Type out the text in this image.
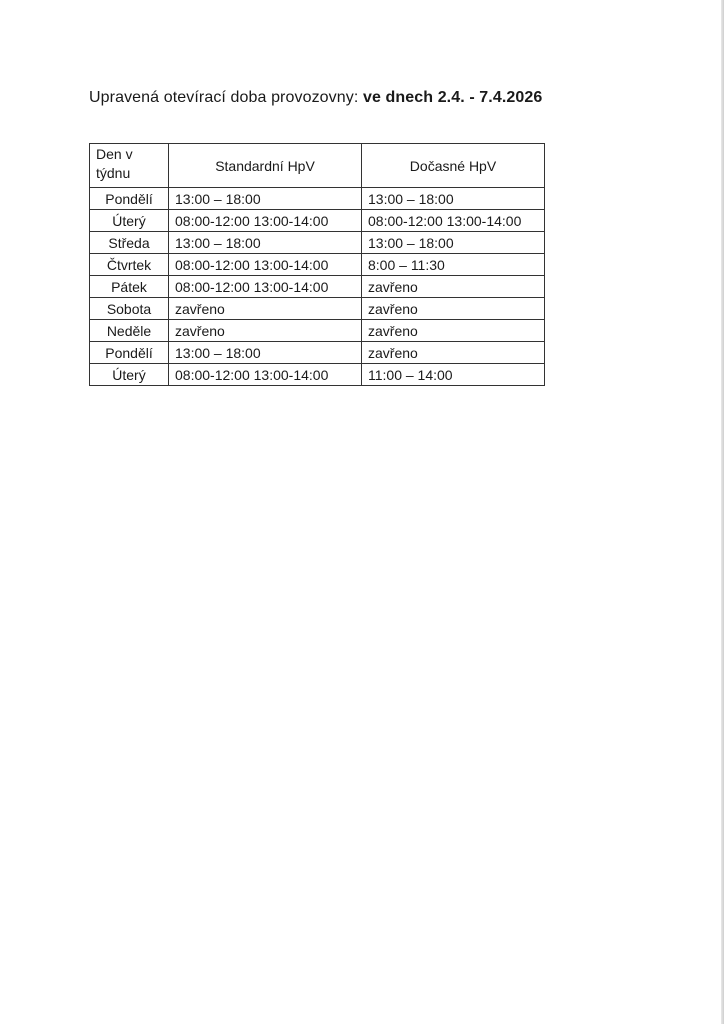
Upravená otevírací doba provozovny: ve dnech 2.4. - 7.4.2026
Den v týdnu	Standardní HpV	Dočasné HpV
Pondělí	13:00 – 18:00	13:00 – 18:00
Úterý	08:00-12:00 13:00-14:00	08:00-12:00 13:00-14:00
Středa	13:00 – 18:00	13:00 – 18:00
Čtvrtek	08:00-12:00 13:00-14:00	8:00 – 11:30
Pátek	08:00-12:00 13:00-14:00	zavřeno
Sobota	zavřeno	zavřeno
Neděle	zavřeno	zavřeno
Pondělí	13:00 – 18:00	zavřeno
Úterý	08:00-12:00 13:00-14:00	11:00 – 14:00
